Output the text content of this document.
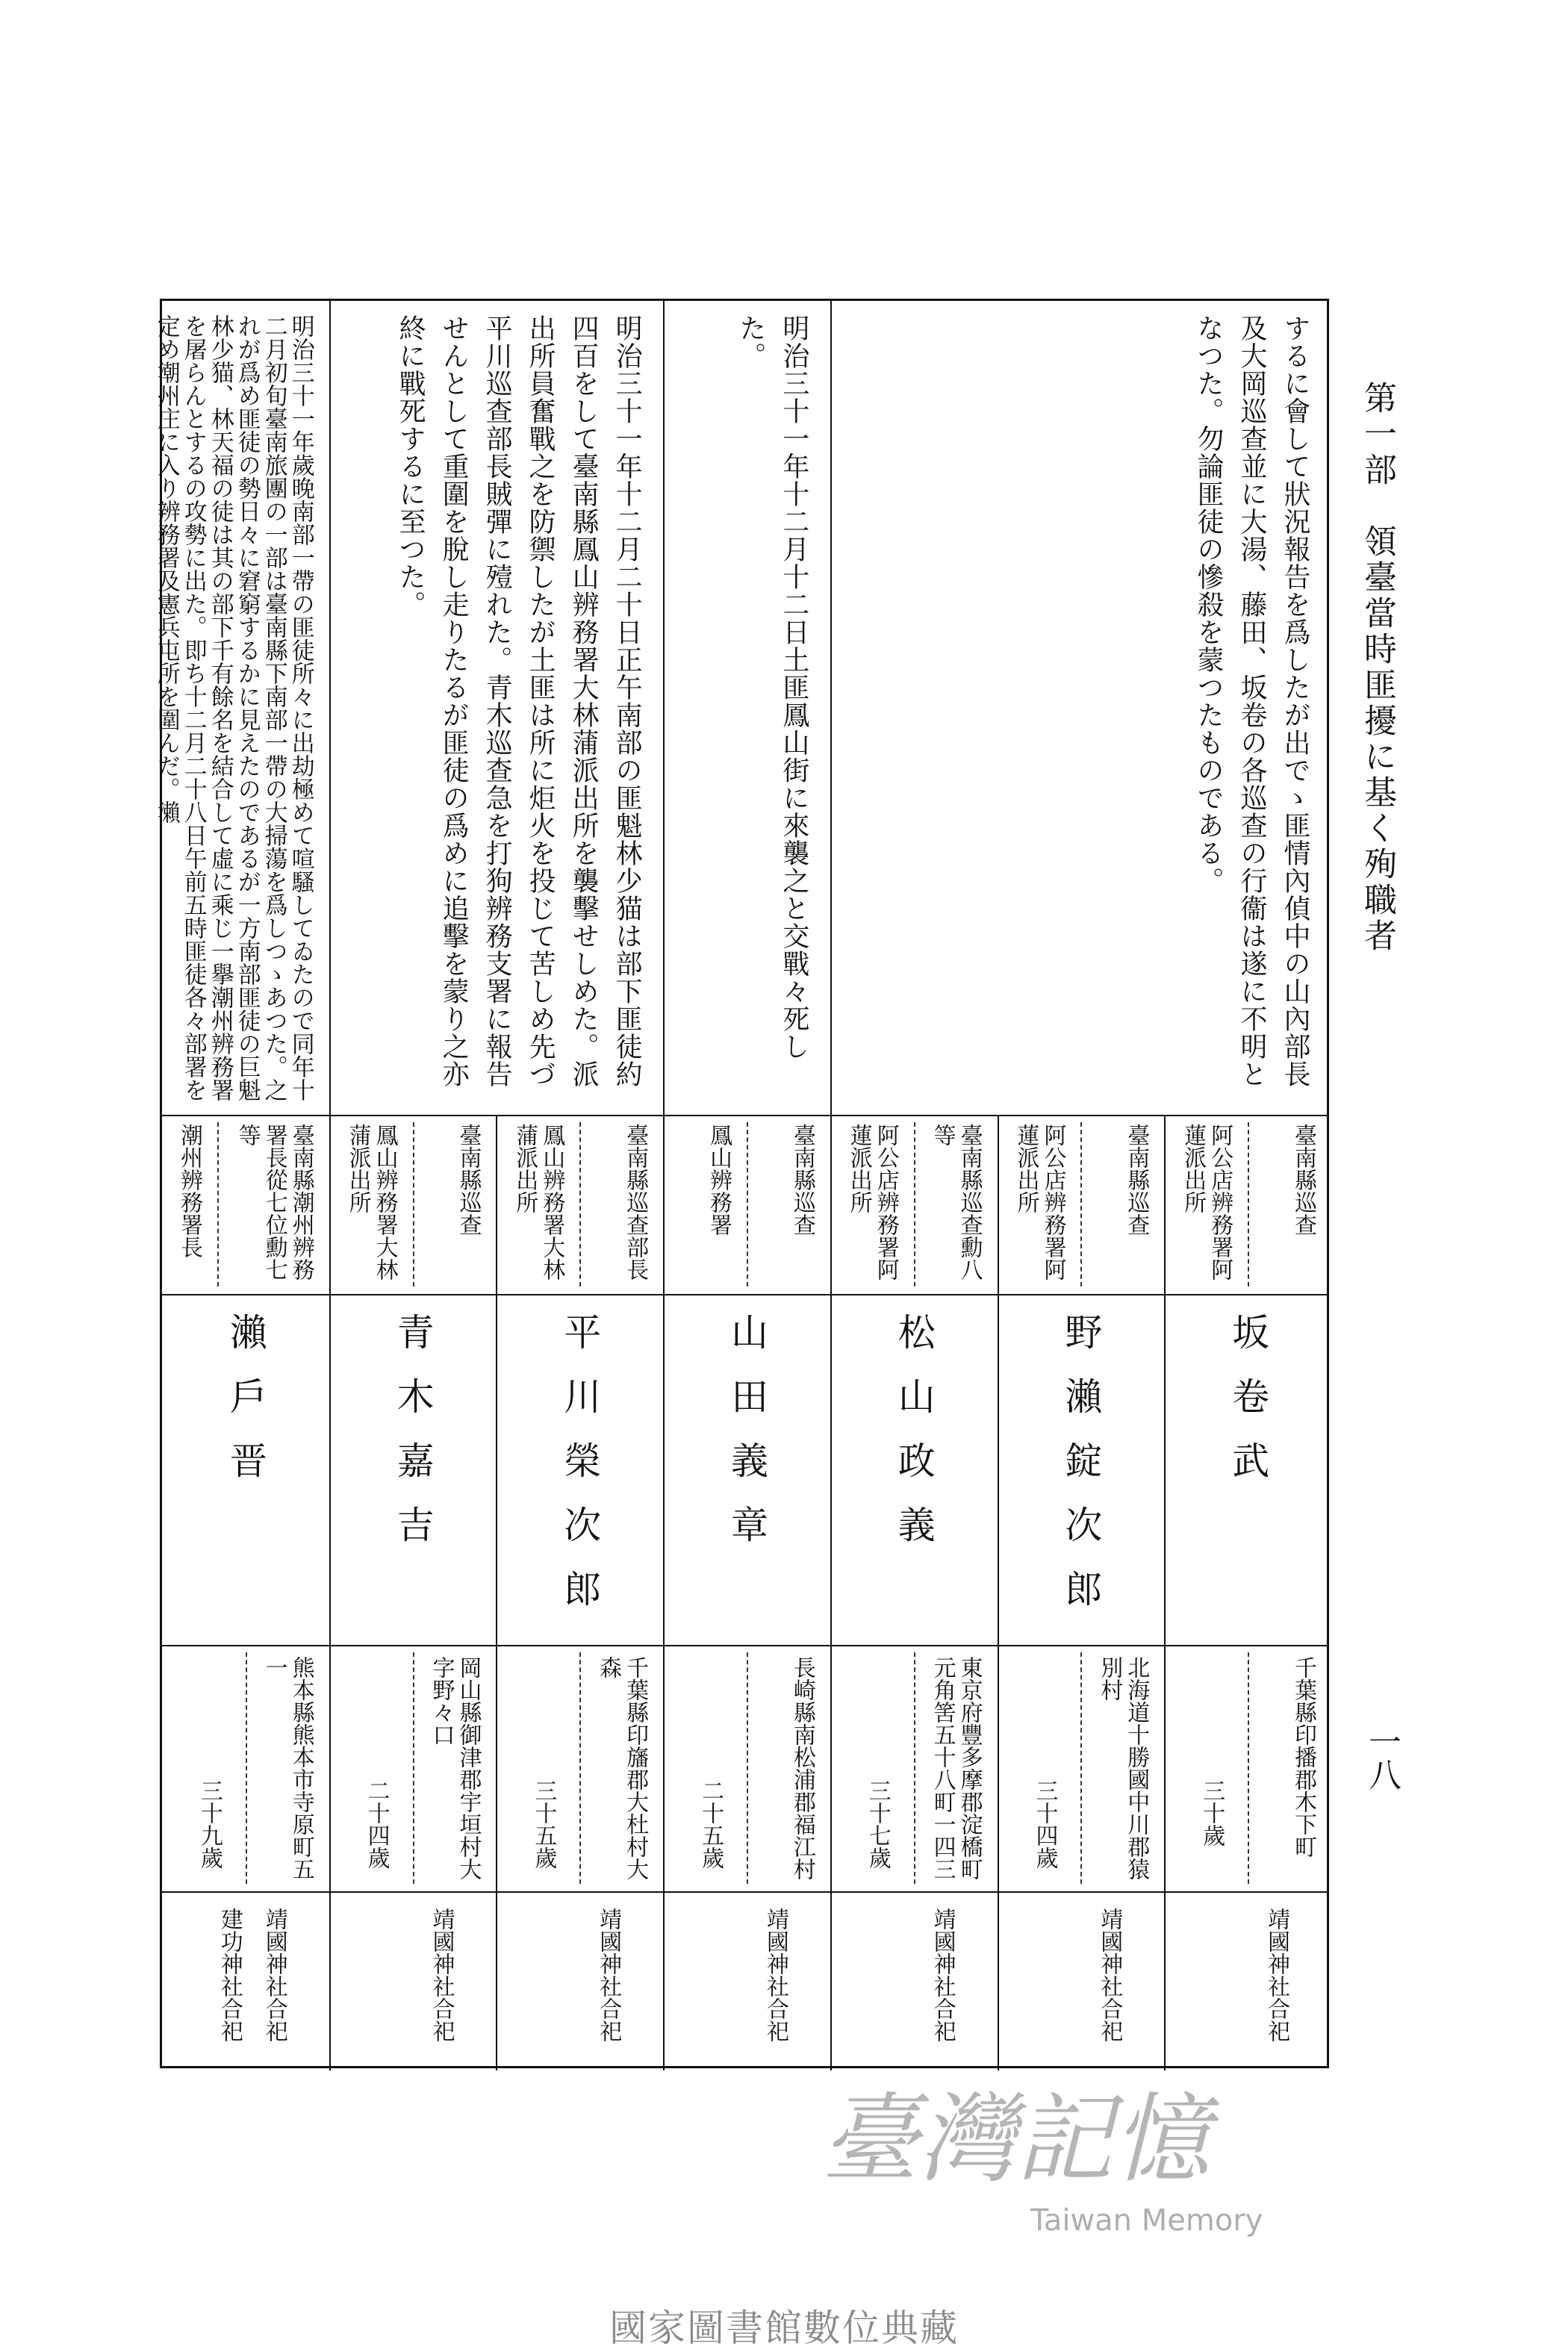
第一部　領臺當時匪擾に基く殉職者
一八
するに會して狀況報告を爲したが出でゝ匪情內偵中の山內部長及大岡巡查並に大湯、藤田、坂卷の各巡查の行衞は遂に不明となつた。勿論匪徒の慘殺を蒙つたものである。
明治三十一年十二月十二日土匪鳳山街に來襲之と交戰々死した。
明治三十一年十二月二十日正午南部の匪魁林少猫は部下匪徒約四百をして臺南縣鳳山辨務署大林蒲派出所を襲擊せしめた。派出所員奮戰之を防禦したが土匪は所に炬火を投じて苦しめ先づ平川巡查部長賊彈に殪れた。青木巡查急を打狗辨務支署に報告せんとして重圍を脫し走りたるが匪徒の爲めに追擊を蒙り之亦終に戰死するに至つた。
明治三十一年歲晚南部一帶の匪徒所々に出劫極めて喧騷してゐたので同年十二月初旬臺南旅團の一部は臺南縣下南部一帶の大掃蕩を爲しつゝあつた。之れが爲め匪徒の勢日々に窘窮するかに見えたのであるが一方南部匪徒の巨魁林少猫、林天福の徒は其の部下千有餘名を結合して虛に乘じ一擧潮州辨務署を屠らんとするの攻勢に出た。即ち十二月二十八日午前五時匪徒各々部署を定め潮州庄に入り辨務署及憲兵屯所を圍んだ。瀨
臺南縣巡查
阿公店辨務署阿蓮派出所
坂卷武
千葉縣印播郡木下町
三十歲
靖國神社合祀
臺南縣巡查
阿公店辨務署阿蓮派出所
野瀨錠次郎
北海道十勝國中川郡猿別村
三十四歲
靖國神社合祀
臺南縣巡查勳八等
阿公店辨務署阿蓮派出所
松山政義
東京府豐多摩郡淀橋町元角筈五十八町一四三
三十七歲
靖國神社合祀
臺南縣巡查
鳳山辨務署
山田義章
長崎縣南松浦郡福江村
二十五歲
靖國神社合祀
臺南縣巡查部長
鳳山辨務署大林蒲派出所
平川榮次郎
千葉縣印旛郡大杜村大森
三十五歲
靖國神社合祀
臺南縣巡查
鳳山辨務署大林蒲派出所
青木嘉吉
岡山縣御津郡宇垣村大字野々口
二十四歲
靖國神社合祀
臺南縣潮州辨務署長從七位勳七等
潮州辨務署長
瀨戶晋
熊本縣熊本市寺原町五一
三十九歲
靖國神社合祀
建功神社合祀
臺灣記憶
Taiwan Memory
國家圖書館數位典藏
